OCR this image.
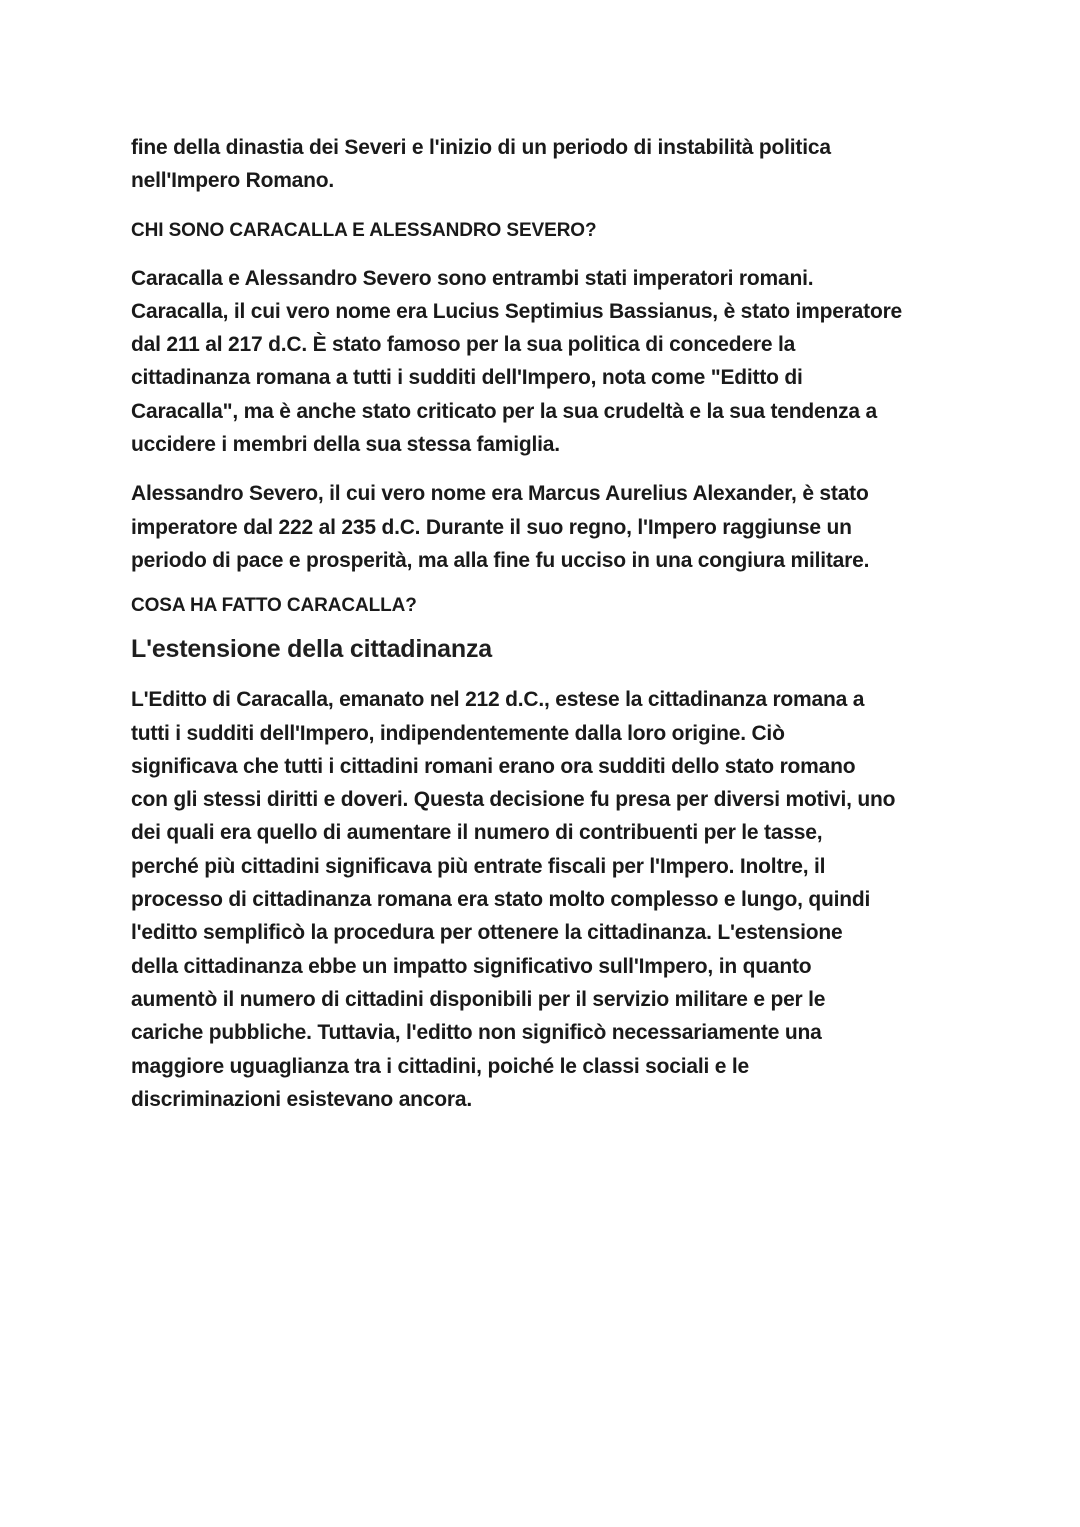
fine della dinastia dei Severi e l'inizio di un periodo di instabilità politica
nell'Impero Romano.

CHI SONO CARACALLA E ALESSANDRO SEVERO?

Caracalla e Alessandro Severo sono entrambi stati imperatori romani.
Caracalla, il cui vero nome era Lucius Septimius Bassianus, è stato imperatore
dal 211 al 217 d.C. È stato famoso per la sua politica di concedere la
cittadinanza romana a tutti i sudditi dell'Impero, nota come "Editto di
Caracalla", ma è anche stato criticato per la sua crudeltà e la sua tendenza a
uccidere i membri della sua stessa famiglia.

Alessandro Severo, il cui vero nome era Marcus Aurelius Alexander, è stato
imperatore dal 222 al 235 d.C. Durante il suo regno, l'Impero raggiunse un
periodo di pace e prosperità, ma alla fine fu ucciso in una congiura militare.

COSA HA FATTO CARACALLA?

L'estensione della cittadinanza

L'Editto di Caracalla, emanato nel 212 d.C., estese la cittadinanza romana a
tutti i sudditi dell'Impero, indipendentemente dalla loro origine. Ciò
significava che tutti i cittadini romani erano ora sudditi dello stato romano
con gli stessi diritti e doveri. Questa decisione fu presa per diversi motivi, uno
dei quali era quello di aumentare il numero di contribuenti per le tasse,
perché più cittadini significava più entrate fiscali per l'Impero. Inoltre, il
processo di cittadinanza romana era stato molto complesso e lungo, quindi
l'editto semplificò la procedura per ottenere la cittadinanza. L'estensione
della cittadinanza ebbe un impatto significativo sull'Impero, in quanto
aumentò il numero di cittadini disponibili per il servizio militare e per le
cariche pubbliche. Tuttavia, l'editto non significò necessariamente una
maggiore uguaglianza tra i cittadini, poiché le classi sociali e le
discriminazioni esistevano ancora.
